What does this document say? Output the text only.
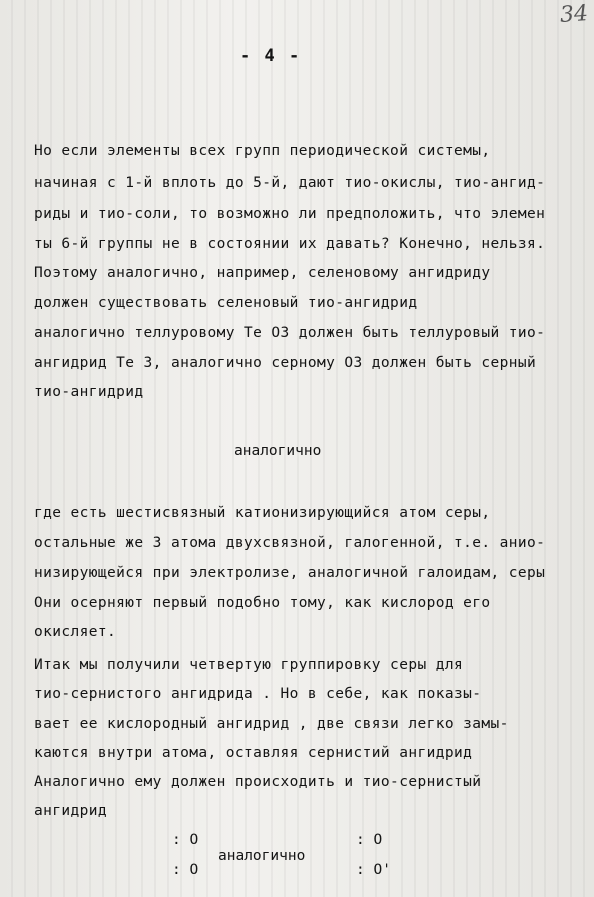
34
- 4 -
Но если элементы всех групп периодической системы,
начиная с 1-й вплоть до 5-й, дают тио-окислы, тио-ангид-
риды и тио-соли, то возможно ли предположить, что элемен
ты 6-й группы не в состоянии их давать? Конечно, нельзя.
Поэтому аналогично, например, селеновому ангидриду
должен существовать селеновый тио-ангидрид
аналогично теллуровому Te O3 должен быть теллуровый тио-
ангидрид Te 3, аналогично серному O3 должен быть серный
тио-ангидрид
аналогично
где есть шестисвязный катионизирующийся атом серы,
остальные же 3 атома двухсвязной, галогенной, т.е. анио-
низирующейся при электролизе, аналогичной галоидам, серы
Они осерняют первый подобно тому, как кислород его
окисляет.
Итак мы получили четвертую группировку серы для
тио-сернистого ангидрида . Но в себе, как показы-
вает ее кислородный ангидрид , две связи легко замы-
каются внутри атома, оставляя сернистий ангидрид
Аналогично ему должен происходить и тио-сернистый
ангидрид
: O
: O
аналогично
: O
: O'
